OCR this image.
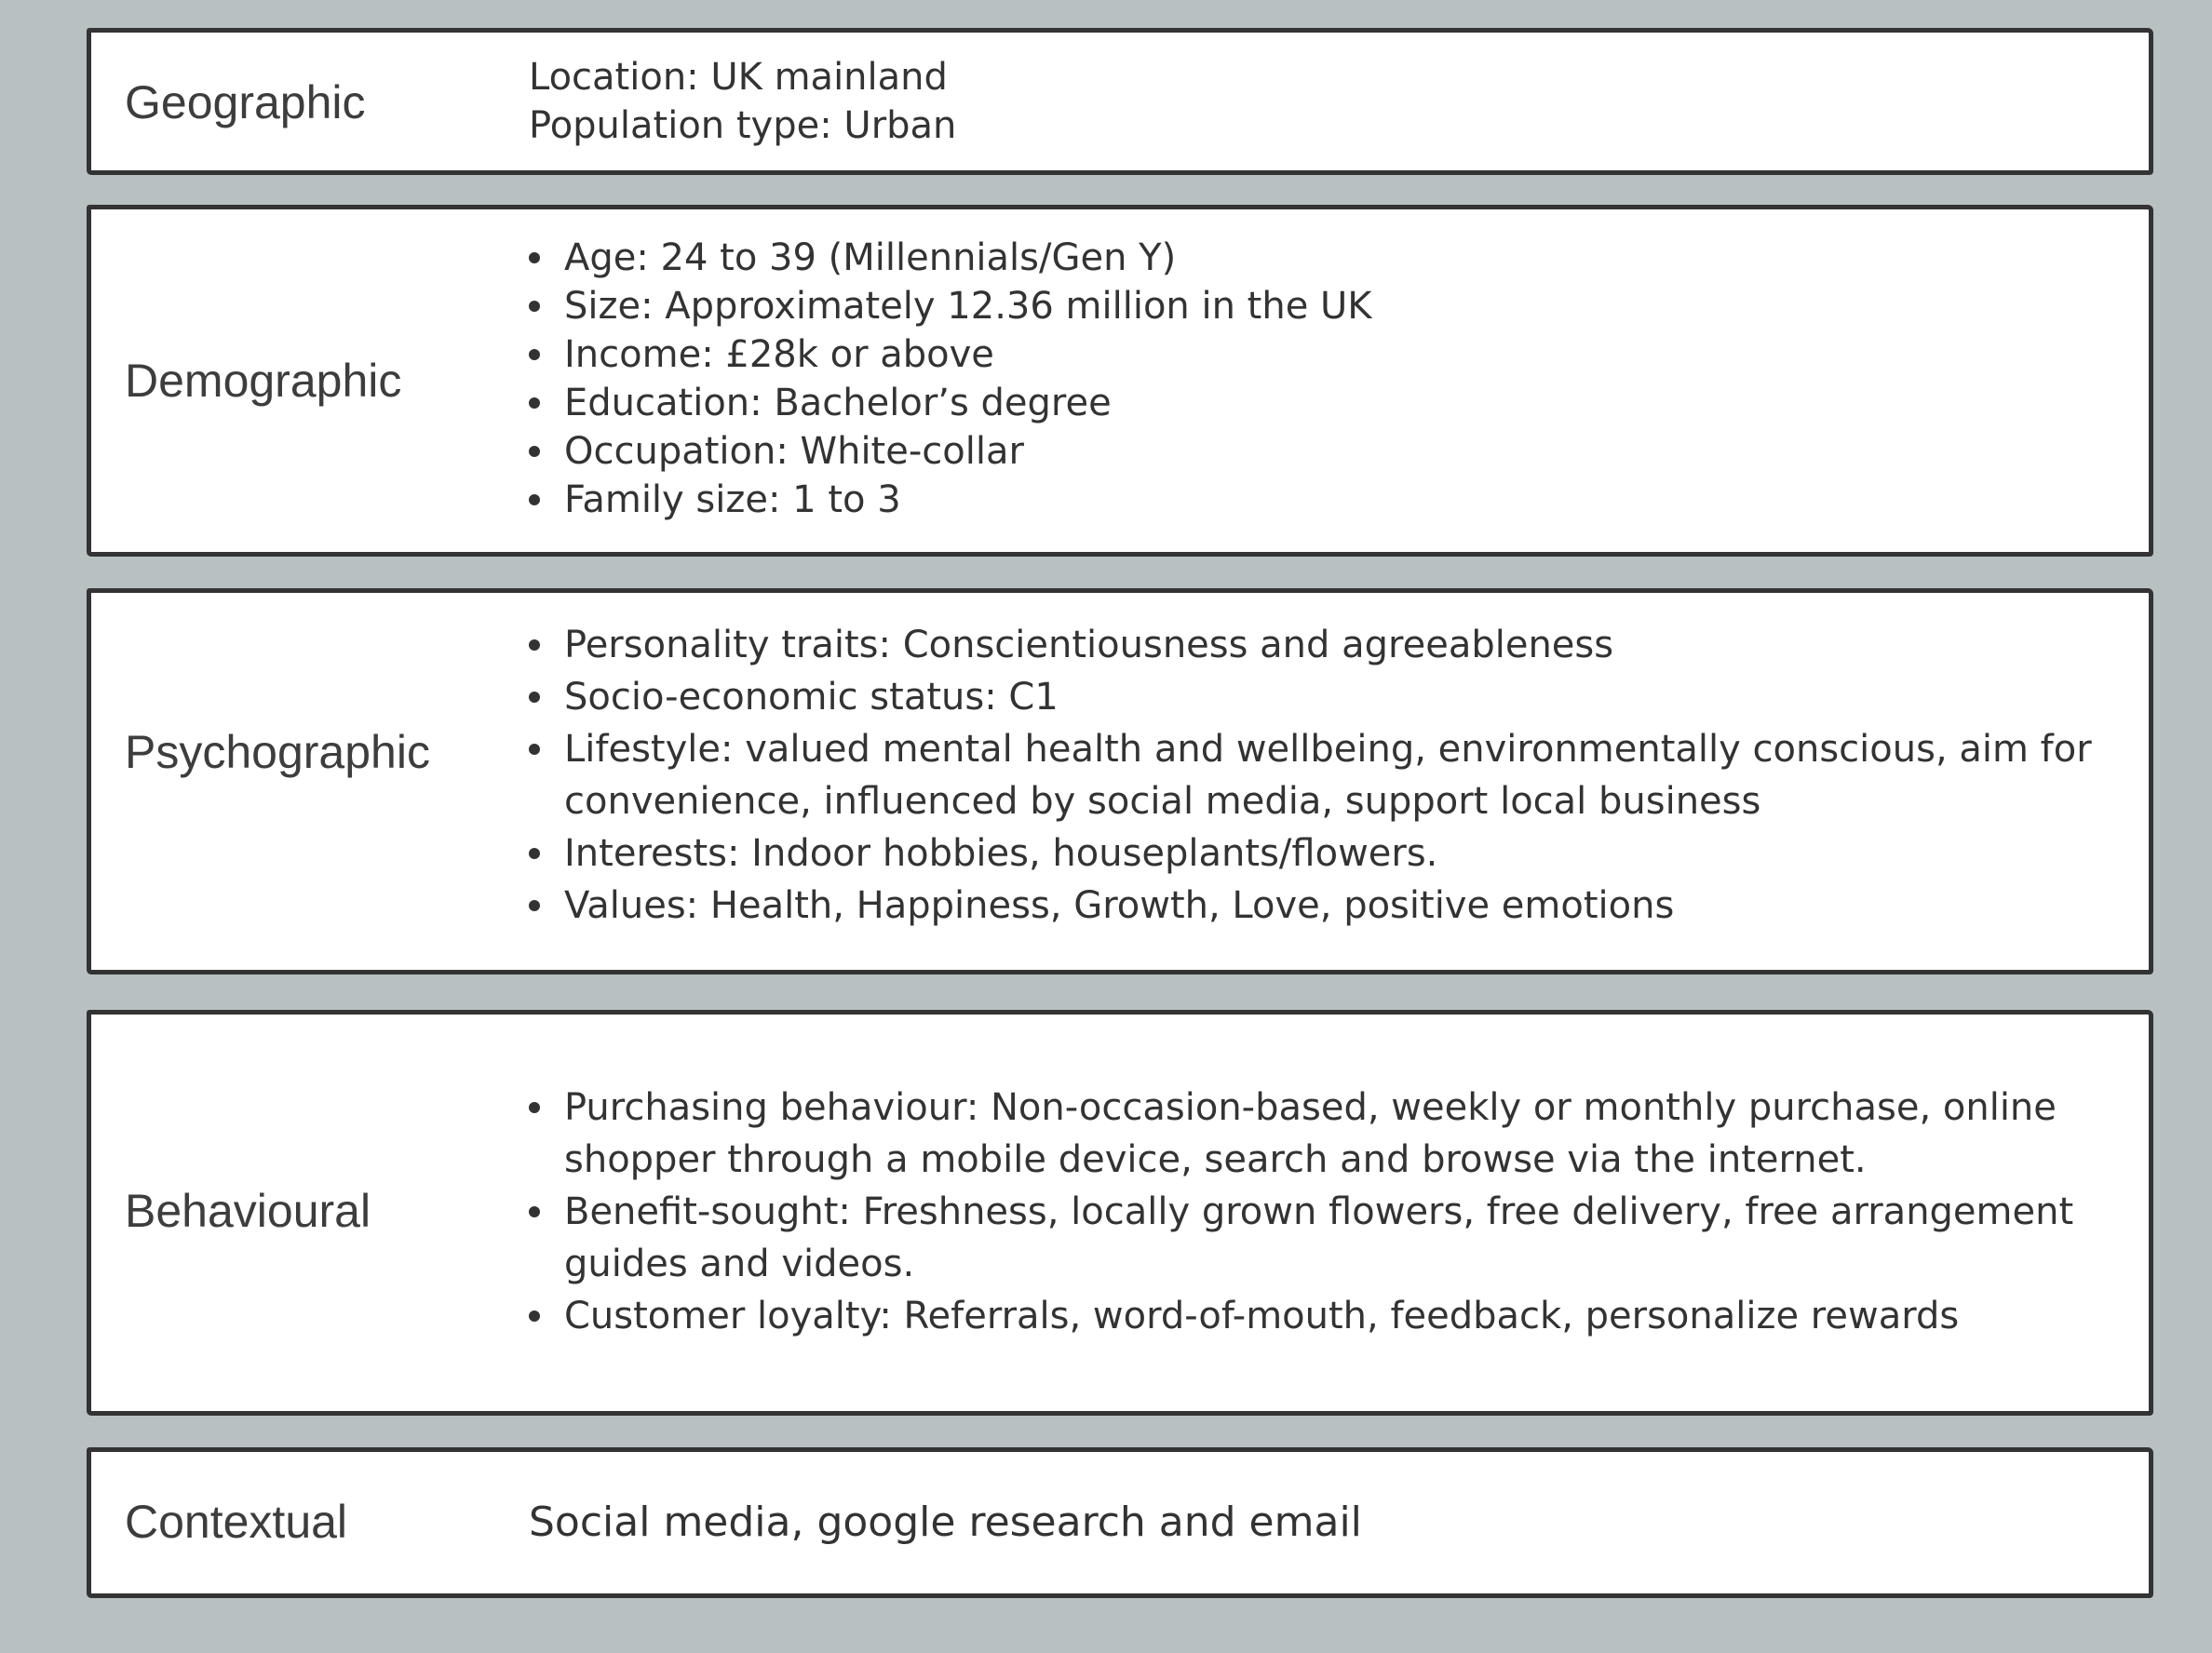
Geographic	Location: UK mainland
Population type: Urban
Demographic
Age: 24 to 39 (Millennials/Gen Y)
Size: Approximately 12.36 million in the UK
Income: £28k or above
Education: Bachelor’s degree
Occupation: White-collar
Family size: 1 to 3
Psychographic
Personality traits: Conscientiousness and agreeableness
Socio-economic status: C1
Lifestyle: valued mental health and wellbeing, environmentally conscious, aim for convenience, influenced by social media, support local business
Interests: Indoor hobbies, houseplants/flowers.
Values: Health, Happiness, Growth, Love, positive emotions
Behavioural
Purchasing behaviour: Non-occasion-based, weekly or monthly purchase, online shopper through a mobile device, search and browse via the internet.
Benefit-sought: Freshness, locally grown flowers, free delivery, free arrangement guides and videos.
Customer loyalty: Referrals, word-of-mouth, feedback, personalize rewards
Contextual	Social media, google research and email
